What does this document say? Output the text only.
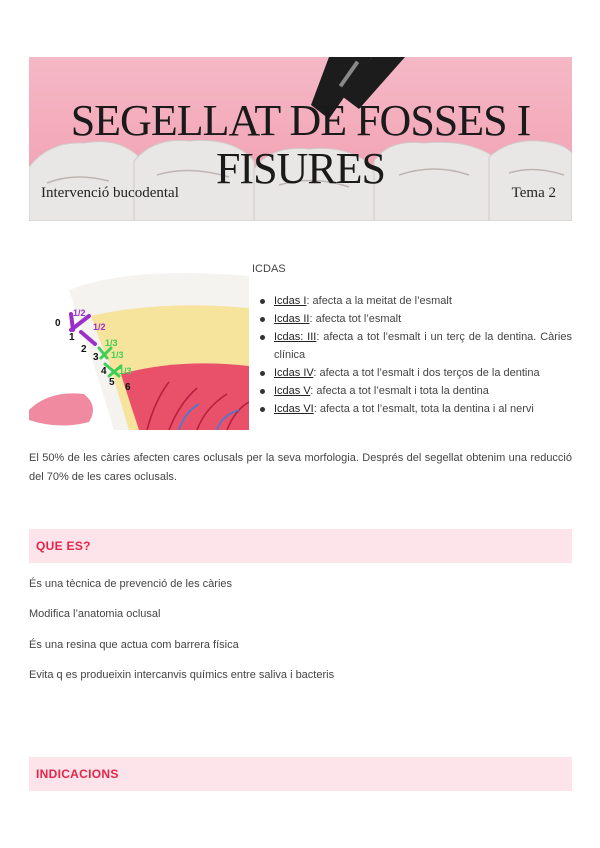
SEGELLAT DE FOSSES I
FISURES
Intervenció bucodental	Tema 2
0
1/2
1
1/2
2
3
1/3
1/3
4 1/3
5 6
ICDAS
Icdas I: afecta a la meitat de l’esmalt
Icdas II: afecta tot l’esmalt
Icdas: III: afecta a tot l’esmalt i un terç de la dentina. Càries clínica
Icdas IV: afecta a tot l’esmalt i dos terços de la dentina
Icdas V: afecta a tot l’esmalt i tota la dentina
Icdas VI: afecta a tot l’esmalt, tota la dentina i al nervi

El 50% de les càries afecten cares oclusals per la seva morfologia. Després del segellat obtenim una reducció del 70% de les cares oclusals.

QUE ES?
És una tècnica de prevenció de les càries
Modifica l’anatomia oclusal
És una resina que actua com barrera física
Evita q es produeixin intercanvis químics entre saliva i bacteris
INDICACIONS
